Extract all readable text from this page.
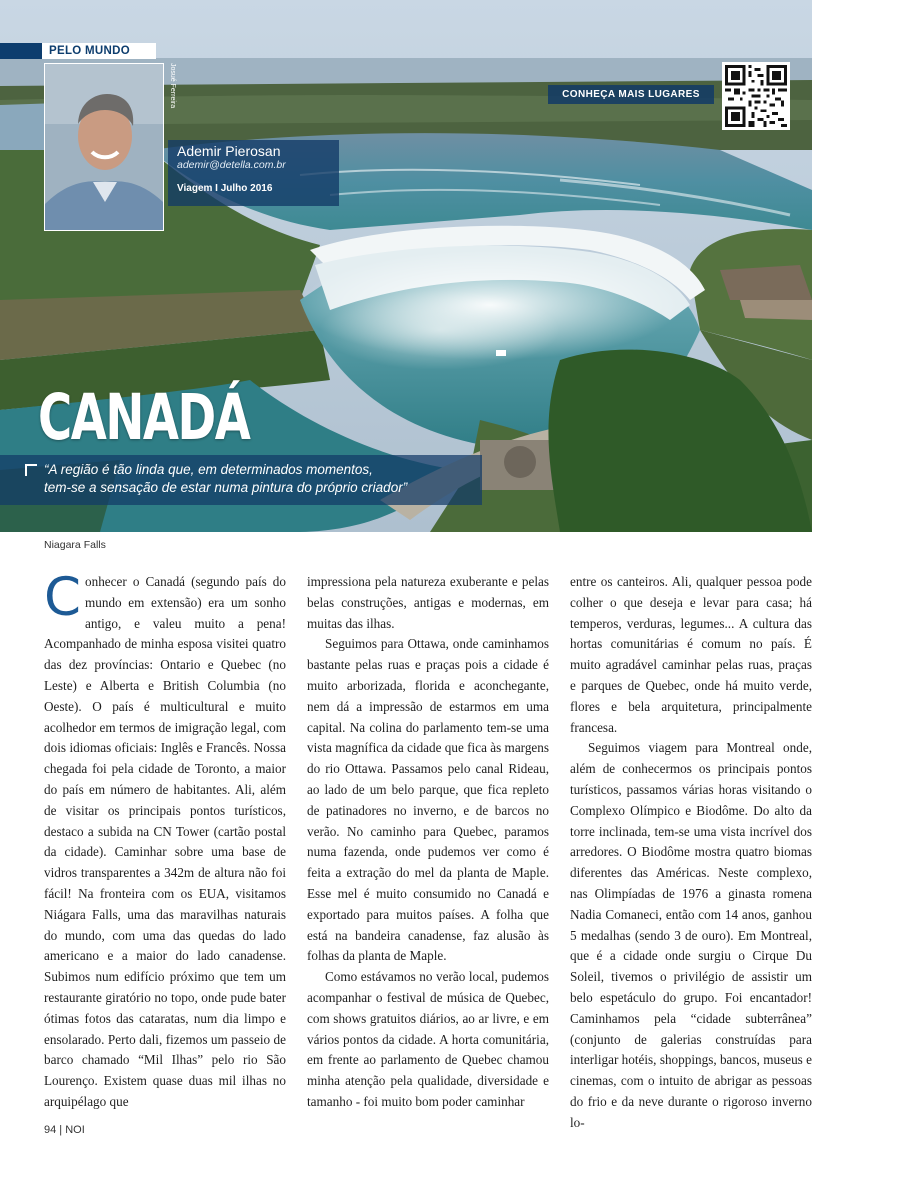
PELO MUNDO
Josué Ferreira
Ademir Pierosan
ademir@detella.com.br
Viagem I Julho 2016
CONHEÇA MAIS LUGARES
CANADÁ
“A região é tão linda que, em determinados momentos,
tem-se a sensação de estar numa pintura do próprio criador”
Niagara Falls

Conhecer o Canadá (segundo país do mundo em extensão) era um sonho antigo, e valeu muito a pena! Acompanhado de minha esposa visitei quatro das dez províncias: Ontario e Quebec (no Leste) e Alberta e British Columbia (no Oeste). O país é multicultural e muito acolhedor em termos de imigração legal, com dois idiomas oficiais: Inglês e Francês. Nossa chegada foi pela cidade de Toronto, a maior do país em número de habitantes. Ali, além de visitar os principais pontos turísticos, destaco a subida na CN Tower (cartão postal da cidade). Caminhar sobre uma base de vidros transparentes a 342m de altura não foi fácil! Na fronteira com os EUA, visitamos Niágara Falls, uma das maravilhas naturais do mundo, com uma das quedas do lado americano e a maior do lado canadense. Subimos num edifício próximo que tem um restaurante giratório no topo, onde pude bater ótimas fotos das cataratas, num dia limpo e ensolarado. Perto dali, fizemos um passeio de barco chamado “Mil Ilhas” pelo rio São Lourenço. Existem quase duas mil ilhas no arquipélago que

impressiona pela natureza exuberante e pelas belas construções, antigas e modernas, em muitas das ilhas.

Seguimos para Ottawa, onde caminhamos bastante pelas ruas e praças pois a cidade é muito arborizada, florida e aconchegante, nem dá a impressão de estarmos em uma capital. Na colina do parlamento tem-se uma vista magnífica da cidade que fica às margens do rio Ottawa. Passamos pelo canal Rideau, ao lado de um belo parque, que fica repleto de patinadores no inverno, e de barcos no verão. No caminho para Quebec, paramos numa fazenda, onde pudemos ver como é feita a extração do mel da planta de Maple. Esse mel é muito consumido no Canadá e exportado para muitos países. A folha que está na bandeira canadense, faz alusão às folhas da planta de Maple.

Como estávamos no verão local, pudemos acompanhar o festival de música de Quebec, com shows gratuitos diários, ao ar livre, e em vários pontos da cidade. A horta comunitária, em frente ao parlamento de Quebec chamou minha atenção pela qualidade, diversidade e tamanho - foi muito bom poder caminhar

entre os canteiros. Ali, qualquer pessoa pode colher o que deseja e levar para casa; há temperos, verduras, legumes... A cultura das hortas comunitárias é comum no país. É muito agradável caminhar pelas ruas, praças e parques de Quebec, onde há muito verde, flores e bela arquitetura, principalmente francesa.

Seguimos viagem para Montreal onde, além de conhecermos os principais pontos turísticos, passamos várias horas visitando o Complexo Olímpico e Biodôme. Do alto da torre inclinada, tem-se uma vista incrível dos arredores. O Biodôme mostra quatro biomas diferentes das Américas. Neste complexo, nas Olimpíadas de 1976 a ginasta romena Nadia Comaneci, então com 14 anos, ganhou 5 medalhas (sendo 3 de ouro). Em Montreal, que é a cidade onde surgiu o Cirque Du Soleil, tivemos o privilégio de assistir um belo espetáculo do grupo. Foi encantador! Caminhamos pela “cidade subterrânea” (conjunto de galerias construídas para interligar hotéis, shoppings, bancos, museus e cinemas, com o intuito de abrigar as pessoas do frio e da neve durante o rigoroso inverno lo-

94 | NOI
